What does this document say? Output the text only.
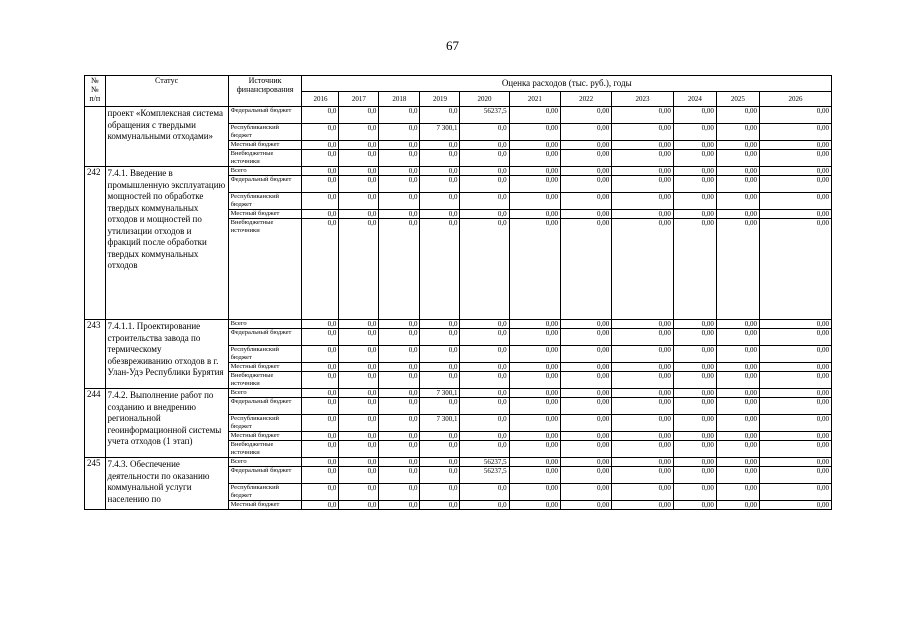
67
№
№
п/п	Статус	Источник финансирования	Оценка расходов (тыс. руб.), годы										
			2016	2017	2018	2019	2020	2021	2022	2023	2024	2025	2026
	проект «Комплексная система обращения с твердыми коммунальными отходами»	Федеральный бюджет	0,0	0,0	0,0	0,0	56237,5	0,00	0,00	0,00	0,00	0,00	0,00
		Республиканский бюджет	0,0	0,0	0,0	7 300,1	0,0	0,00	0,00	0,00	0,00	0,00	0,00
		Местный бюджет	0,0	0,0	0,0	0,0	0,0	0,00	0,00	0,00	0,00	0,00	0,00
		Внебюджетные источники	0,0	0,0	0,0	0,0	0,0	0,00	0,00	0,00	0,00	0,00	0,00
242	7.4.1. Введение в промышленную эксплуатацию мощностей по обработке твердых коммунальных отходов и мощностей по утилизации отходов и фракций после обработки твердых коммунальных отходов	Всего	0,0	0,0	0,0	0,0	0,0	0,00	0,00	0,00	0,00	0,00	0,00
		Федеральный бюджет	0,0	0,0	0,0	0,0	0,0	0,00	0,00	0,00	0,00	0,00	0,00
		Республиканский бюджет	0,0	0,0	0,0	0,0	0,0	0,00	0,00	0,00	0,00	0,00	0,00
		Местный бюджет	0,0	0,0	0,0	0,0	0,0	0,00	0,00	0,00	0,00	0,00	0,00
		Внебюджетные источники	0,0	0,0	0,0	0,0	0,0	0,00	0,00	0,00	0,00	0,00	0,00

243	7.4.1.1. Проектирование строительства завода по термическому обезвреживанию отходов в г. Улан-Удэ Республики Бурятия	Всего	0,0	0,0	0,0	0,0	0,0	0,00	0,00	0,00	0,00	0,00	0,00
		Федеральный бюджет	0,0	0,0	0,0	0,0	0,0	0,00	0,00	0,00	0,00	0,00	0,00
		Республиканский бюджет	0,0	0,0	0,0	0,0	0,0	0,00	0,00	0,00	0,00	0,00	0,00
		Местный бюджет	0,0	0,0	0,0	0,0	0,0	0,00	0,00	0,00	0,00	0,00	0,00
		Внебюджетные источники	0,0	0,0	0,0	0,0	0,0	0,00	0,00	0,00	0,00	0,00	0,00
244	7.4.2. Выполнение работ по созданию и внедрению региональной геоинформационной системы учета отходов (1 этап)	Всего	0,0	0,0	0,0	7 300,1	0,0	0,00	0,00	0,00	0,00	0,00	0,00
		Федеральный бюджет	0,0	0,0	0,0	0,0	0,0	0,00	0,00	0,00	0,00	0,00	0,00
		Республиканский бюджет	0,0	0,0	0,0	7 300,1	0,0	0,00	0,00	0,00	0,00	0,00	0,00
		Местный бюджет	0,0	0,0	0,0	0,0	0,0	0,00	0,00	0,00	0,00	0,00	0,00
		Внебюджетные источники	0,0	0,0	0,0	0,0	0,0	0,00	0,00	0,00	0,00	0,00	0,00
245	7.4.3. Обеспечение деятельности по оказанию коммунальной услуги населению по	Всего	0,0	0,0	0,0	0,0	56237,5	0,00	0,00	0,00	0,00	0,00	0,00
		Федеральный бюджет	0,0	0,0	0,0	0,0	56237,5	0,00	0,00	0,00	0,00	0,00	0,00
		Республиканский бюджет	0,0	0,0	0,0	0,0	0,0	0,00	0,00	0,00	0,00	0,00	0,00
		Местный бюджет	0,0	0,0	0,0	0,0	0,0	0,00	0,00	0,00	0,00	0,00	0,00
